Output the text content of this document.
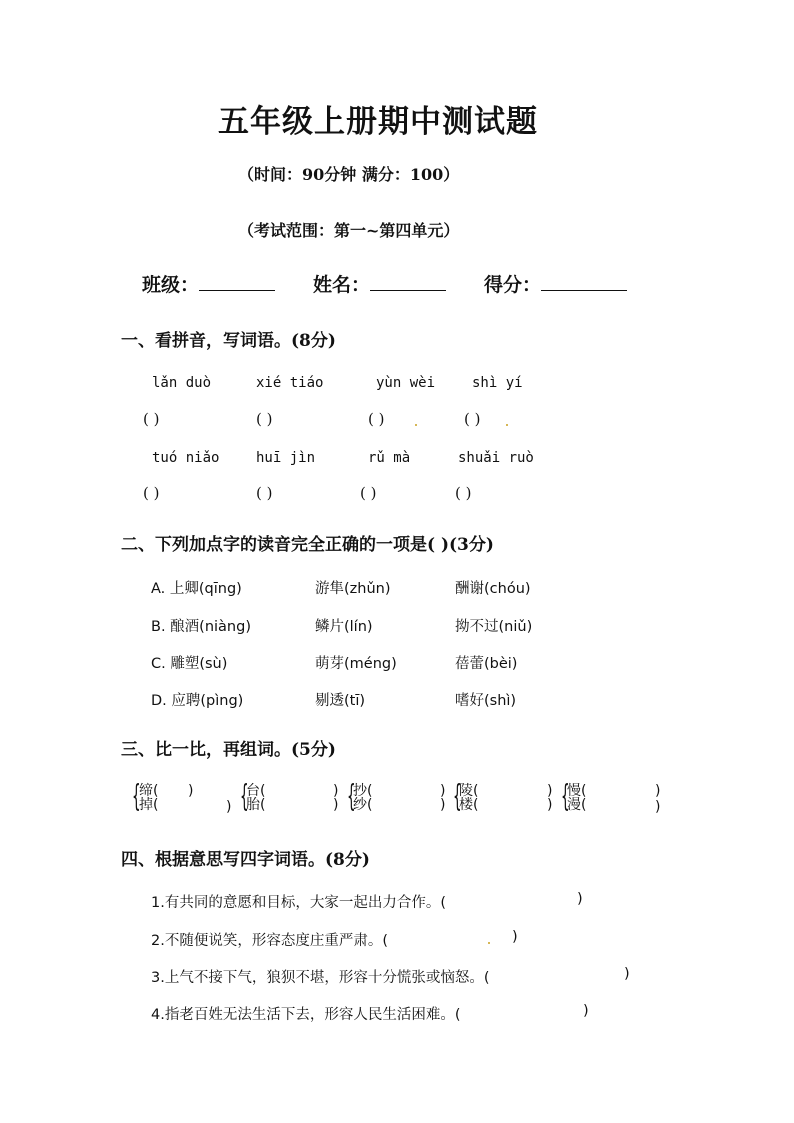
五年级上册期中测试题
（时间：90分钟 满分：100）
（考试范围：第一~第四单元）
班级：	姓名：	得分：
一、看拼音，写词语。(8分)
lǎn duò	xié tiáo	yùn wèi	shì yí
( )	( )	( )	( )
tuó niǎo	huī jìn	rǔ mà	shuǎi ruò
( )	( )	( )	( )
二、下列加点字的读音完全正确的一项是( )(3分)
A. 上卿(qīng)	游隼(zhǔn)	酬谢(chóu)
B. 酿酒(niàng)	鳞片(lín)	拗不过(niǔ)
C. 雕塑(sù)	萌芽(méng)	蓓蕾(bèi)
D. 应聘(pìng)	剔透(tī)	嗜好(shì)
三、比一比，再组词。(5分)
{
缔(
掉(
)
) {
台(
胎(
)
) {
抄(
纱(
)
) {
陵(
楼(
)
) {
慢(
漫(
)
)
四、根据意思写四字词语。(8分)
1.有共同的意愿和目标，大家一起出力合作。(	)
2.不随便说笑，形容态度庄重严肃。(	)
3.上气不接下气，狼狈不堪，形容十分慌张或恼怒。(	)
4.指老百姓无法生活下去，形容人民生活困难。(	)
